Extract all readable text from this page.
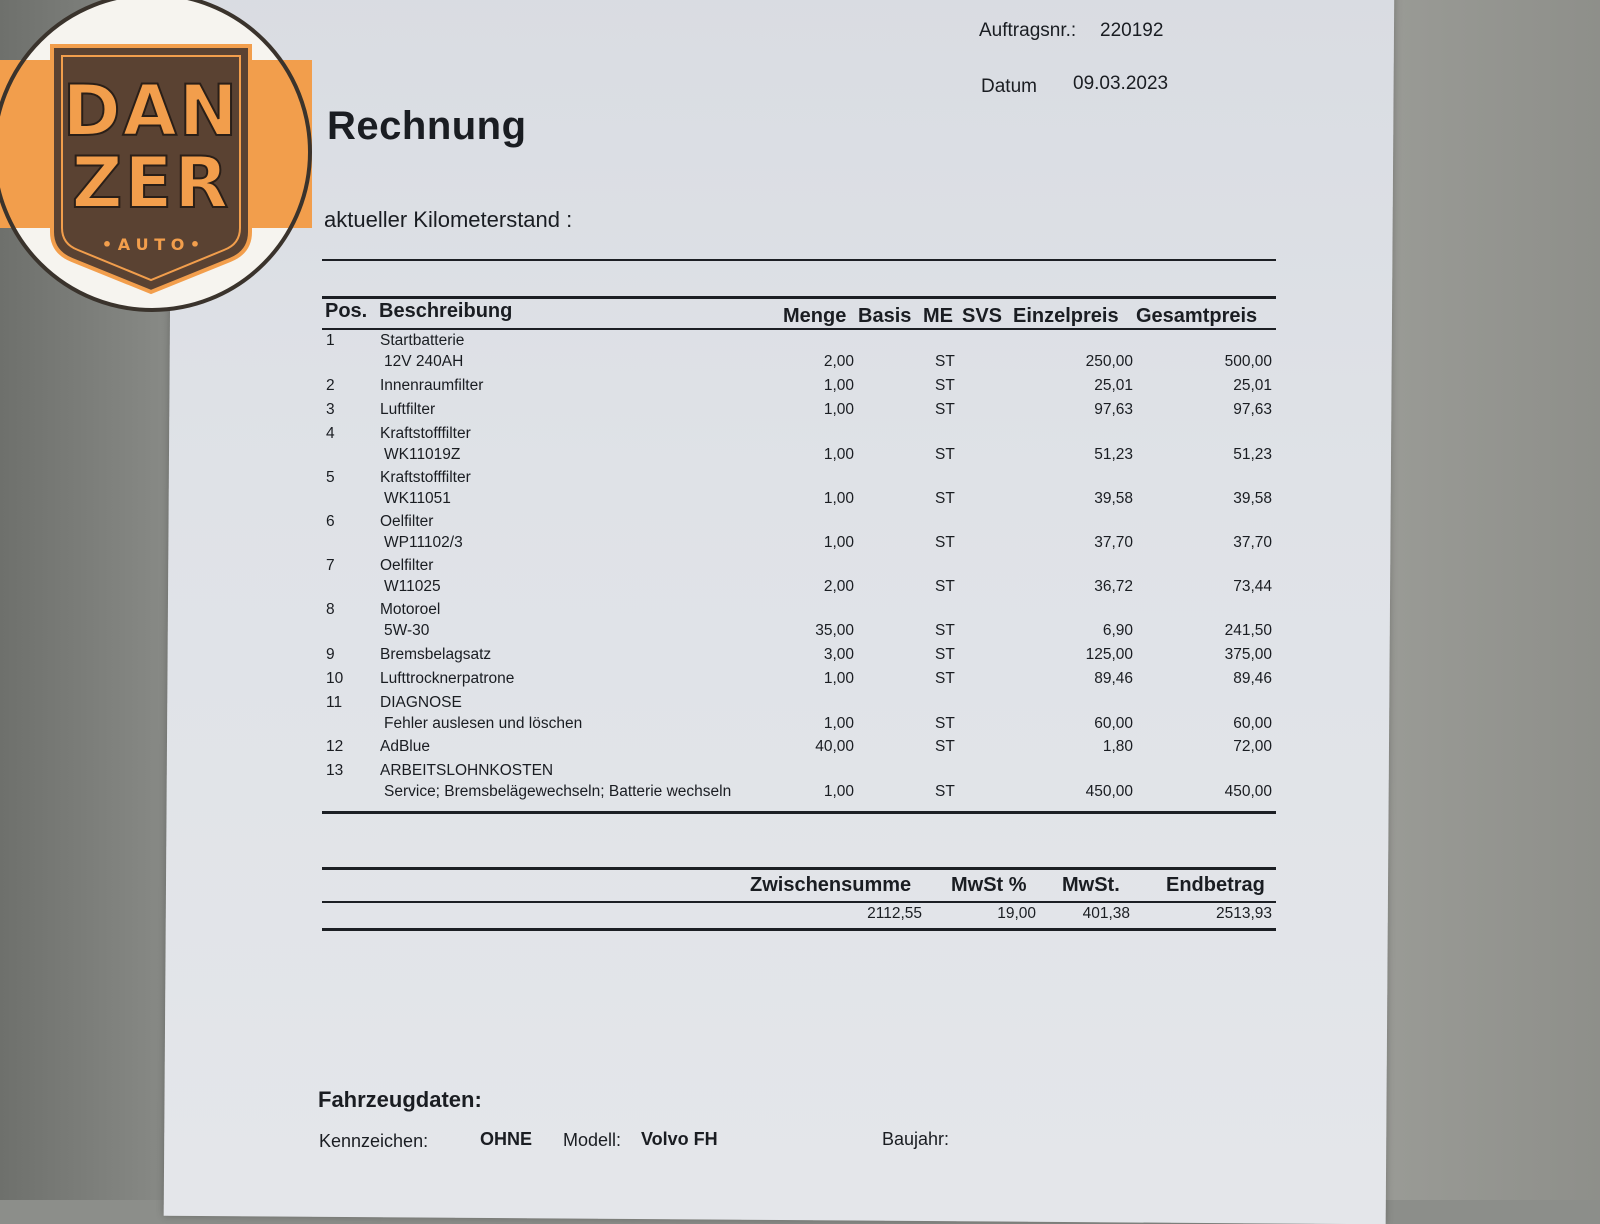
Auftragsnr.: 220192
Datum 09.03.2023
Rechnung
aktueller Kilometerstand :
Pos. Beschreibung	Menge Basis ME SVS Einzelpreis Gesamtpreis
1	Startbatterie
12V 240AH	2,00	ST	250,00	500,00
2	Innenraumfilter	1,00	ST	25,01	25,01
3	Luftfilter	1,00	ST	97,63	97,63
4	Kraftstofffilter
WK11019Z	1,00	ST	51,23	51,23
5	Kraftstofffilter
WK11051	1,00	ST	39,58	39,58
6	Oelfilter
WP11102/3	1,00	ST	37,70	37,70
7	Oelfilter
W11025	2,00	ST	36,72	73,44
8	Motoroel
5W-30	35,00	ST	6,90	241,50
9	Bremsbelagsatz	3,00	ST	125,00	375,00
10 Lufttrocknerpatrone	1,00	ST	89,46	89,46
11 DIAGNOSE
Fehler auslesen und löschen	1,00	ST	60,00	60,00
12 AdBlue	40,00	ST	1,80	72,00
13 ARBEITSLOHNKOSTEN
Service; Bremsbelägewechseln; Batterie wechseln	1,00	ST	450,00	450,00
Zwischensumme MwSt % MwSt. Endbetrag
2112,55	19,00	401,38	2513,93
Fahrzeugdaten:
Kennzeichen:	OHNE Modell: Volvo FH	Baujahr:
DAN
ZER
• A U T O •
